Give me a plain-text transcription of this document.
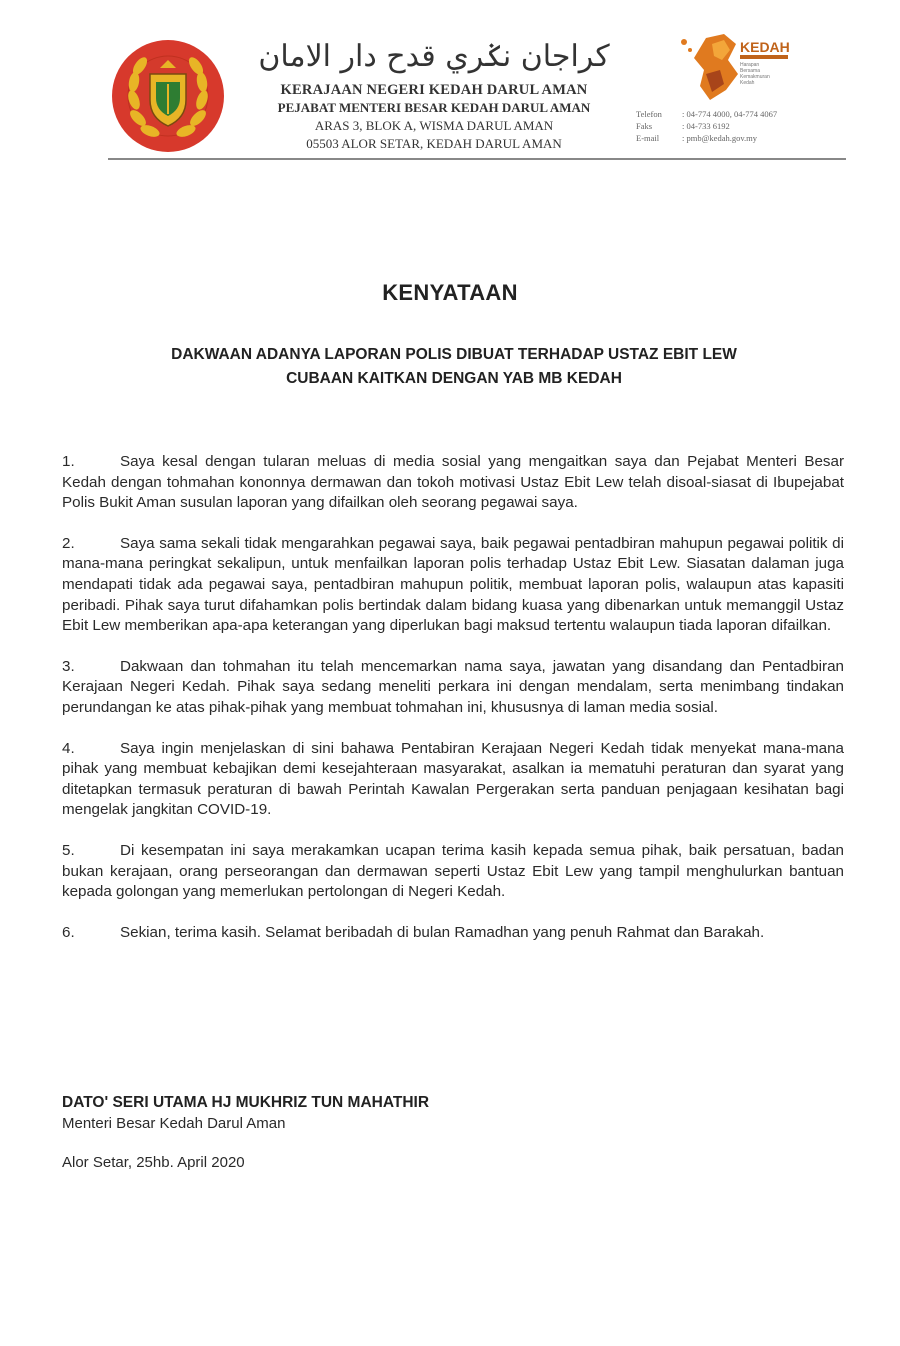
كراجان نݢري قدح دار الامان
KERAJAAN NEGERI KEDAH DARUL AMAN
PEJABAT MENTERI BESAR KEDAH DARUL AMAN
ARAS 3, BLOK A, WISMA DARUL AMAN
05503 ALOR SETAR, KEDAH DARUL AMAN
KEDAH
Harapan
Bersama
Kemakmuran
Kedah
Telefon	: 04-774 4000, 04-774 4067
Faks	: 04-733 6192
E-mail	: pmb@kedah.gov.my
KENYATAAN
DAKWAAN ADANYA LAPORAN POLIS DIBUAT TERHADAP USTAZ EBIT LEW
CUBAAN KAITKAN DENGAN YAB MB KEDAH

1.	Saya kesal dengan tularan meluas di media sosial yang mengaitkan saya dan Pejabat Menteri Besar Kedah dengan tohmahan kononnya dermawan dan tokoh motivasi Ustaz Ebit Lew telah disoal-siasat di Ibupejabat Polis Bukit Aman susulan laporan yang difailkan oleh seorang pegawai saya.

2.	Saya sama sekali tidak mengarahkan pegawai saya, baik pegawai pentadbiran mahupun pegawai politik di mana-mana peringkat sekalipun, untuk menfailkan laporan polis terhadap Ustaz Ebit Lew. Siasatan dalaman juga mendapati tidak ada pegawai saya, pentadbiran mahupun politik, membuat laporan polis, walaupun atas kapasiti peribadi. Pihak saya turut difahamkan polis bertindak dalam bidang kuasa yang dibenarkan untuk memanggil Ustaz Ebit Lew memberikan apa-apa keterangan yang diperlukan bagi maksud tertentu walaupun tiada laporan difailkan.

3.	Dakwaan dan tohmahan itu telah mencemarkan nama saya, jawatan yang disandang dan Pentadbiran Kerajaan Negeri Kedah. Pihak saya sedang meneliti perkara ini dengan mendalam, serta menimbang tindakan perundangan ke atas pihak-pihak yang membuat tohmahan ini, khususnya di laman media sosial.

4.	Saya ingin menjelaskan di sini bahawa Pentabiran Kerajaan Negeri Kedah tidak menyekat mana-mana pihak yang membuat kebajikan demi kesejahteraan masyarakat, asalkan ia mematuhi peraturan dan syarat yang ditetapkan termasuk peraturan di bawah Perintah Kawalan Pergerakan serta panduan penjagaan kesihatan bagi mengelak jangkitan COVID-19.

5.	Di kesempatan ini saya merakamkan ucapan terima kasih kepada semua pihak, baik persatuan, badan bukan kerajaan, orang perseorangan dan dermawan seperti Ustaz Ebit Lew yang tampil menghulurkan bantuan kepada golongan yang memerlukan pertolongan di Negeri Kedah.

6.	Sekian, terima kasih. Selamat beribadah di bulan Ramadhan yang penuh Rahmat dan Barakah.

DATO' SERI UTAMA HJ MUKHRIZ TUN MAHATHIR
Menteri Besar Kedah Darul Aman
Alor Setar, 25hb. April 2020
